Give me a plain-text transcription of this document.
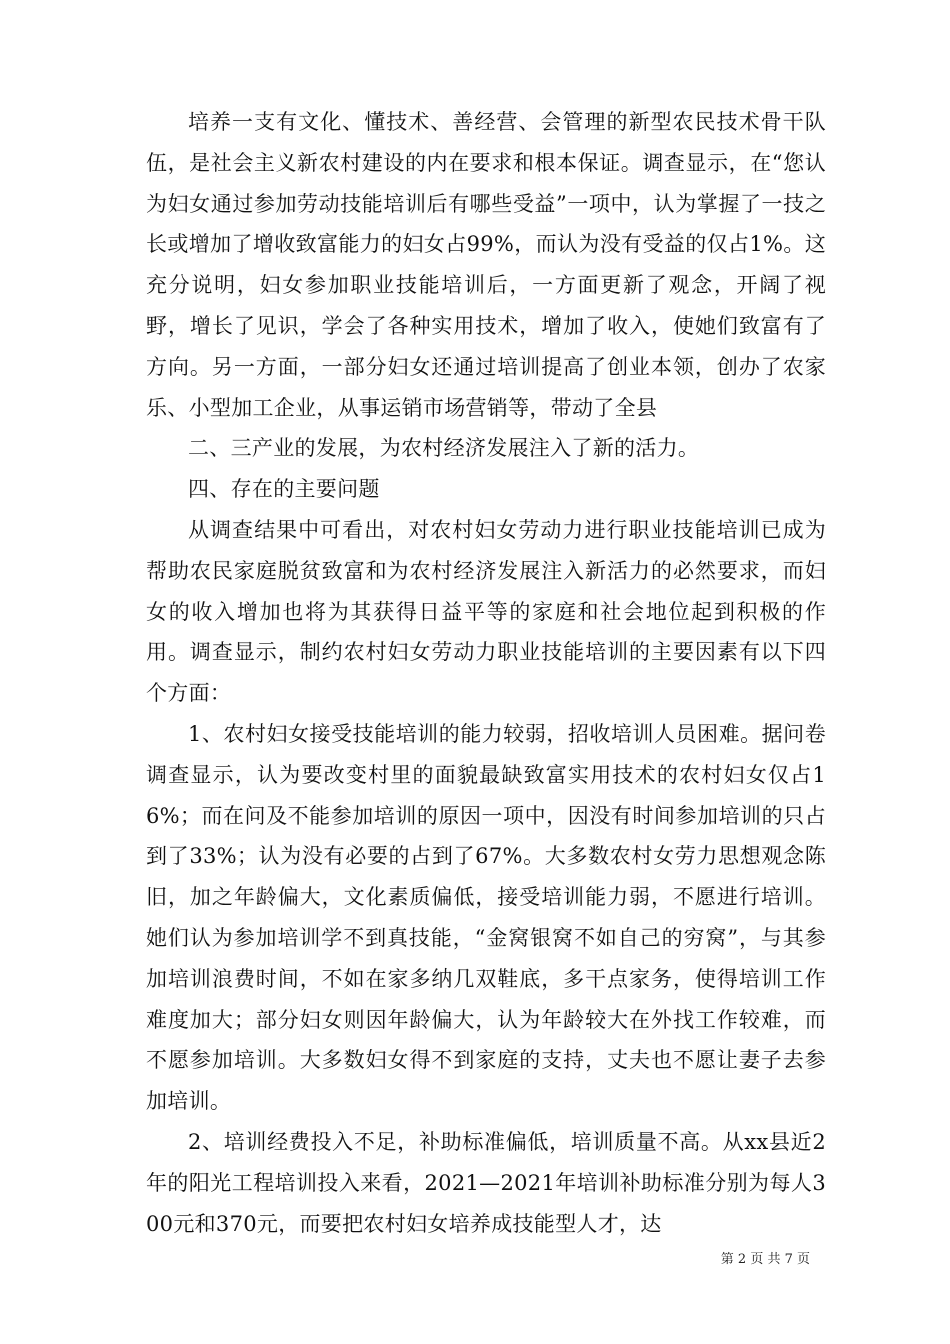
培养一支有文化、懂技术、善经营、会管理的新型农民技术骨干队伍，是社会主义新农村建设的内在要求和根本保证。调查显示，在“您认为妇女通过参加劳动技能培训后有哪些受益”一项中，认为掌握了一技之长或增加了增收致富能力的妇女占99%，而认为没有受益的仅占1%。这充分说明，妇女参加职业技能培训后，一方面更新了观念，开阔了视野，增长了见识，学会了各种实用技术，增加了收入，使她们致富有了方向。另一方面，一部分妇女还通过培训提高了创业本领，创办了农家乐、小型加工企业，从事运销市场营销等，带动了全县

二、三产业的发展，为农村经济发展注入了新的活力。

四、存在的主要问题

从调查结果中可看出，对农村妇女劳动力进行职业技能培训已成为帮助农民家庭脱贫致富和为农村经济发展注入新活力的必然要求，而妇女的收入增加也将为其获得日益平等的家庭和社会地位起到积极的作用。调查显示，制约农村妇女劳动力职业技能培训的主要因素有以下四个方面：

1、农村妇女接受技能培训的能力较弱，招收培训人员困难。据问卷调查显示，认为要改变村里的面貌最缺致富实用技术的农村妇女仅占16%；而在问及不能参加培训的原因一项中，因没有时间参加培训的只占到了33%；认为没有必要的占到了67%。大多数农村女劳力思想观念陈旧，加之年龄偏大，文化素质偏低，接受培训能力弱，不愿进行培训。她们认为参加培训学不到真技能，“金窝银窝不如自己的穷窝”，与其参加培训浪费时间，不如在家多纳几双鞋底，多干点家务，使得培训工作难度加大；部分妇女则因年龄偏大，认为年龄较大在外找工作较难，而不愿参加培训。大多数妇女得不到家庭的支持，丈夫也不愿让妻子去参加培训。

2、培训经费投入不足，补助标准偏低，培训质量不高。从xx县近2年的阳光工程培训投入来看，2021—2021年培训补助标准分别为每人300元和370元，而要把农村妇女培养成技能型人才，达

第 2 页 共 7 页
